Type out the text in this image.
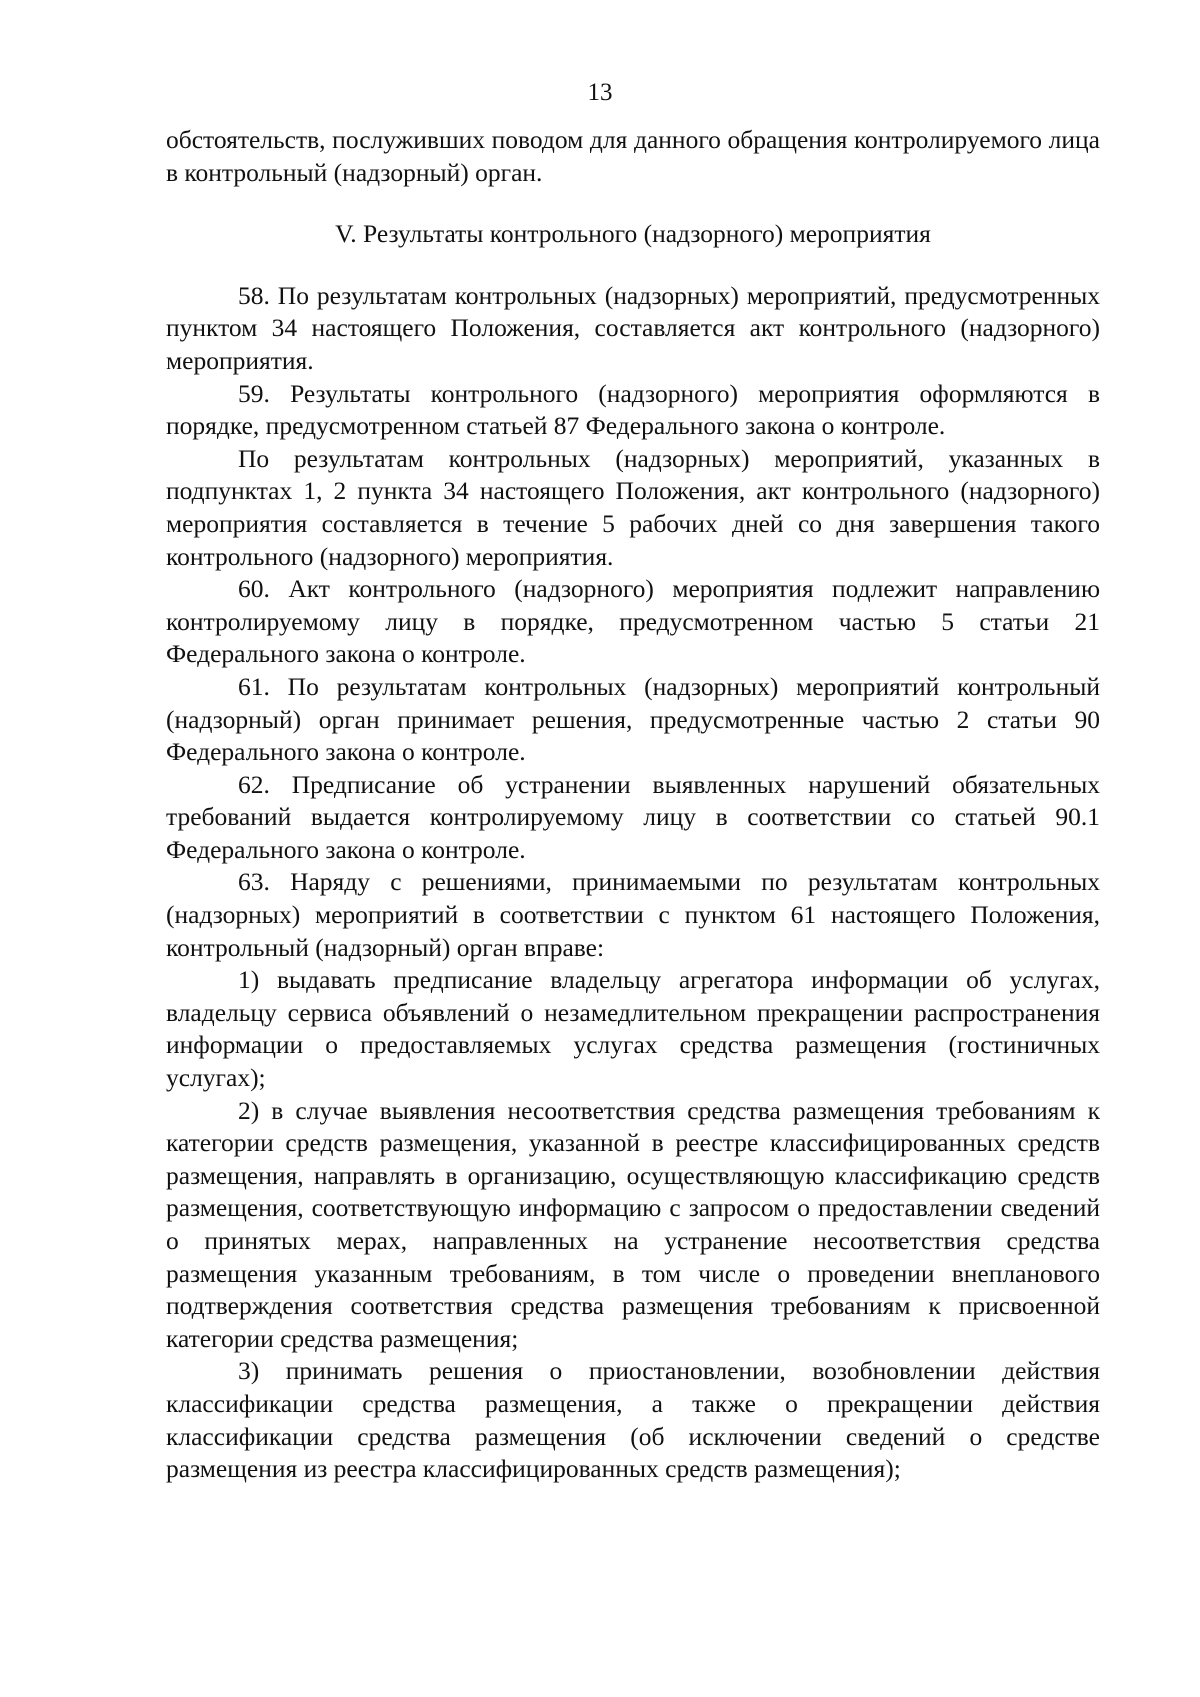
13

обстоятельств, послуживших поводом для данного обращения контролируемого лица в контрольный (надзорный) орган.

V. Результаты контрольного (надзорного) мероприятия

58. По результатам контрольных (надзорных) мероприятий, предусмотренных пунктом 34 настоящего Положения, составляется акт контрольного (надзорного) мероприятия.

59. Результаты контрольного (надзорного) мероприятия оформляются в порядке, предусмотренном статьей 87 Федерального закона о контроле.

По результатам контрольных (надзорных) мероприятий, указанных в подпунктах 1, 2 пункта 34 настоящего Положения, акт контрольного (надзорного) мероприятия составляется в течение 5 рабочих дней со дня завершения такого контрольного (надзорного) мероприятия.

60. Акт контрольного (надзорного) мероприятия подлежит направлению контролируемому лицу в порядке, предусмотренном частью 5 статьи 21 Федерального закона о контроле.

61. По результатам контрольных (надзорных) мероприятий контрольный (надзорный) орган принимает решения, предусмотренные частью 2 статьи 90 Федерального закона о контроле.

62. Предписание об устранении выявленных нарушений обязательных требований выдается контролируемому лицу в соответствии со статьей 90.1 Федерального закона о контроле.

63. Наряду с решениями, принимаемыми по результатам контрольных (надзорных) мероприятий в соответствии с пунктом 61 настоящего Положения, контрольный (надзорный) орган вправе:

1) выдавать предписание владельцу агрегатора информации об услугах, владельцу сервиса объявлений о незамедлительном прекращении распространения информации о предоставляемых услугах средства размещения (гостиничных услугах);

2) в случае выявления несоответствия средства размещения требованиям к категории средств размещения, указанной в реестре классифицированных средств размещения, направлять в организацию, осуществляющую классификацию средств размещения, соответствующую информацию с запросом о предоставлении сведений о принятых мерах, направленных на устранение несоответствия средства размещения указанным требованиям, в том числе о проведении внепланового подтверждения соответствия средства размещения требованиям к присвоенной категории средства размещения;

3) принимать решения о приостановлении, возобновлении действия классификации средства размещения, а также о прекращении действия классификации средства размещения (об исключении сведений о средстве размещения из реестра классифицированных средств размещения);
